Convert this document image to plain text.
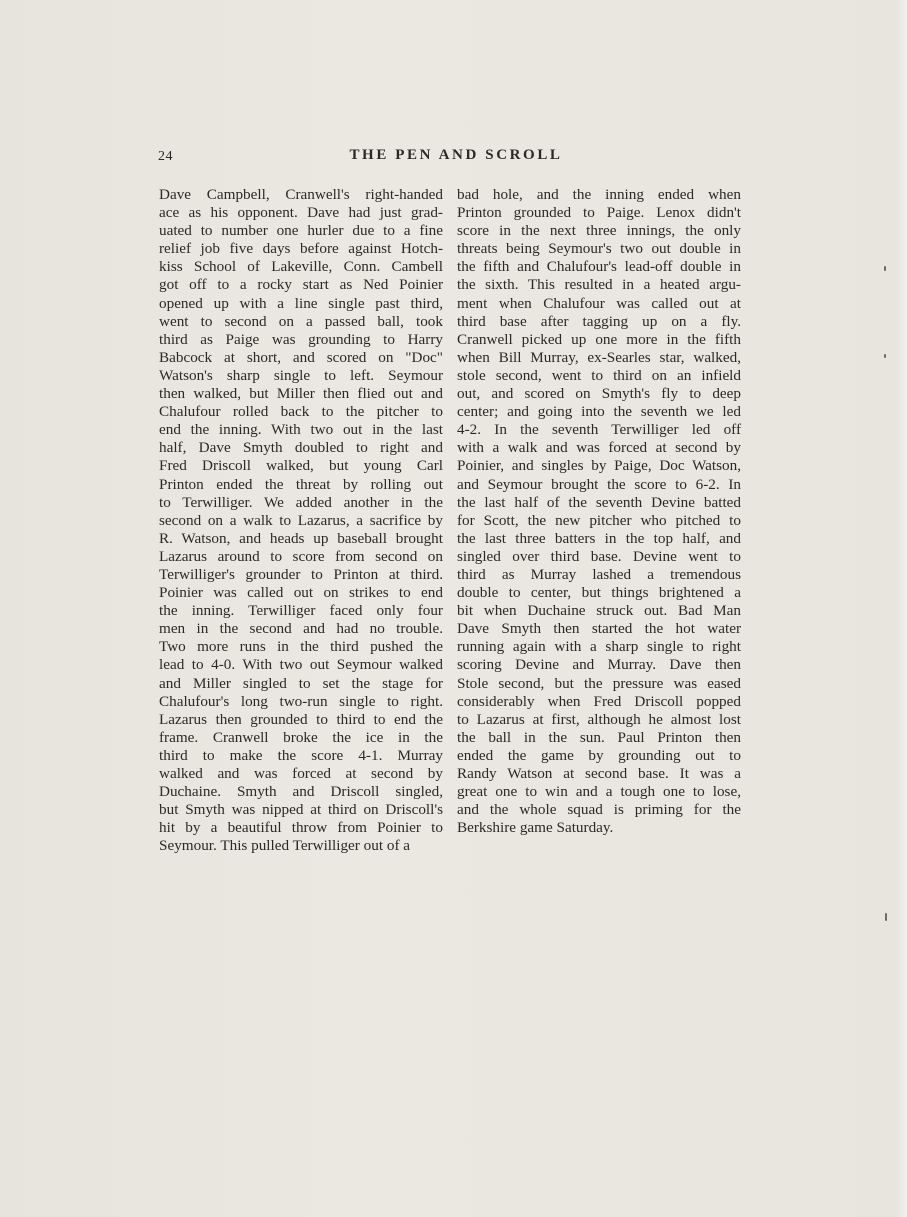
24	THE PEN AND SCROLL
Dave Campbell, Cranwell's right-handed
ace as his opponent. Dave had just grad-
uated to number one hurler due to a fine
relief job five days before against Hotch-
kiss School of Lakeville, Conn. Cambell
got off to a rocky start as Ned Poinier
opened up with a line single past third,
went to second on a passed ball, took
third as Paige was grounding to Harry
Babcock at short, and scored on "Doc"
Watson's sharp single to left. Seymour
then walked, but Miller then flied out and
Chalufour rolled back to the pitcher to
end the inning. With two out in the last
half, Dave Smyth doubled to right and
Fred Driscoll walked, but young Carl
Printon ended the threat by rolling out
to Terwilliger. We added another in the
second on a walk to Lazarus, a sacrifice by
R. Watson, and heads up baseball brought
Lazarus around to score from second on
Terwilliger's grounder to Printon at third.
Poinier was called out on strikes to end
the inning. Terwilliger faced only four
men in the second and had no trouble.
Two more runs in the third pushed the
lead to 4-0. With two out Seymour walked
and Miller singled to set the stage for
Chalufour's long two-run single to right.
Lazarus then grounded to third to end the
frame. Cranwell broke the ice in the
third to make the score 4-1. Murray
walked and was forced at second by
Duchaine. Smyth and Driscoll singled,
but Smyth was nipped at third on Driscoll's
hit by a beautiful throw from Poinier to
Seymour. This pulled Terwilliger out of a
bad hole, and the inning ended when
Printon grounded to Paige. Lenox didn't
score in the next three innings, the only
threats being Seymour's two out double in
the fifth and Chalufour's lead-off double in
the sixth. This resulted in a heated argu-
ment when Chalufour was called out at
third base after tagging up on a fly.
Cranwell picked up one more in the fifth
when Bill Murray, ex-Searles star, walked,
stole second, went to third on an infield
out, and scored on Smyth's fly to deep
center; and going into the seventh we led
4-2. In the seventh Terwilliger led off
with a walk and was forced at second by
Poinier, and singles by Paige, Doc Watson,
and Seymour brought the score to 6-2. In
the last half of the seventh Devine batted
for Scott, the new pitcher who pitched to
the last three batters in the top half, and
singled over third base. Devine went to
third as Murray lashed a tremendous
double to center, but things brightened a
bit when Duchaine struck out. Bad Man
Dave Smyth then started the hot water
running again with a sharp single to right
scoring Devine and Murray. Dave then
Stole second, but the pressure was eased
considerably when Fred Driscoll popped
to Lazarus at first, although he almost lost
the ball in the sun. Paul Printon then
ended the game by grounding out to
Randy Watson at second base. It was a
great one to win and a tough one to lose,
and the whole squad is priming for the
Berkshire game Saturday.
